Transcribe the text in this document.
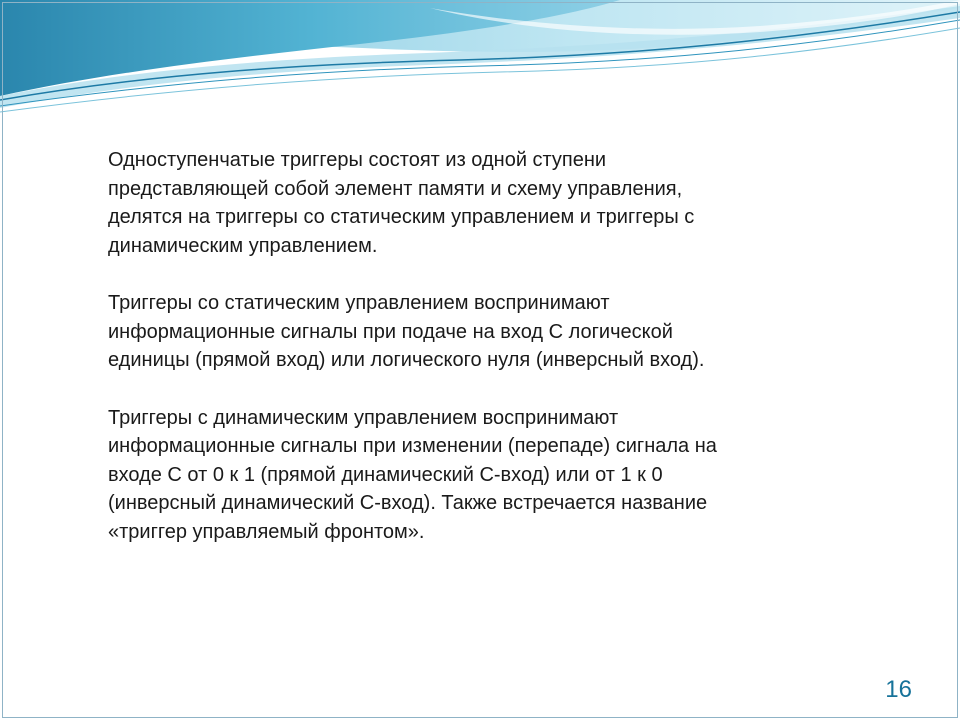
Одноступенчатые триггеры состоят из одной ступени
представляющей собой элемент памяти и схему управления,
делятся на триггеры со статическим управлением и триггеры с
динамическим управлением.

Триггеры со статическим управлением воспринимают
информационные сигналы при подаче на вход С логической
единицы (прямой вход) или логического нуля (инверсный вход).

Триггеры с динамическим управлением воспринимают
информационные сигналы при изменении (перепаде) сигнала на
входе С от 0 к 1 (прямой динамический С-вход) или от 1 к 0
(инверсный динамический С-вход). Также встречается название
«триггер управляемый фронтом».

16
